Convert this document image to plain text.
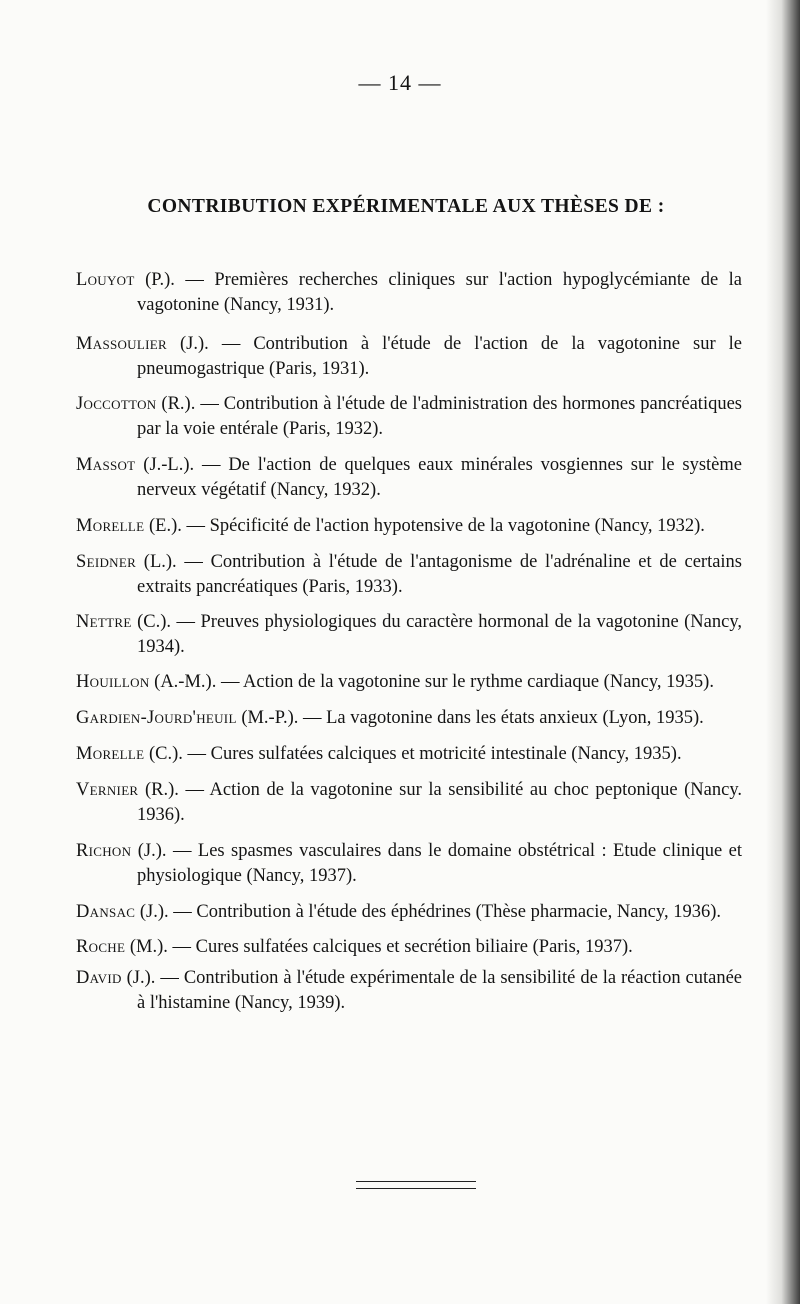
— 14 —
CONTRIBUTION EXPÉRIMENTALE AUX THÈSES DE :

Louyot (P.). — Premières recherches cliniques sur l'action hypoglycémiante de la vagotonine (Nancy, 1931).

Massoulier (J.). — Contribution à l'étude de l'action de la vagotonine sur le pneumogastrique (Paris, 1931).

Joccotton (R.). — Contribution à l'étude de l'administration des hormones pancréatiques par la voie entérale (Paris, 1932).

Massot (J.-L.). — De l'action de quelques eaux minérales vosgiennes sur le système nerveux végétatif (Nancy, 1932).

Morelle (E.). — Spécificité de l'action hypotensive de la vagotonine (Nancy, 1932).

Seidner (L.). — Contribution à l'étude de l'antagonisme de l'adrénaline et de certains extraits pancréatiques (Paris, 1933).

Nettre (C.). — Preuves physiologiques du caractère hormonal de la vagotonine (Nancy, 1934).

Houillon (A.-M.). — Action de la vagotonine sur le rythme cardiaque (Nancy, 1935).

Gardien-Jourd'heuil (M.-P.). — La vagotonine dans les états anxieux (Lyon, 1935).

Morelle (C.). — Cures sulfatées calciques et motricité intestinale (Nancy, 1935).

Vernier (R.). — Action de la vagotonine sur la sensibilité au choc peptonique (Nancy. 1936).

Richon (J.). — Les spasmes vasculaires dans le domaine obstétrical : Etude clinique et physiologique (Nancy, 1937).

Dansac (J.). — Contribution à l'étude des éphédrines (Thèse pharmacie, Nancy, 1936).

Roche (M.). — Cures sulfatées calciques et secrétion biliaire (Paris, 1937).

David (J.). — Contribution à l'étude expérimentale de la sensibilité de la réaction cutanée à l'histamine (Nancy, 1939).
